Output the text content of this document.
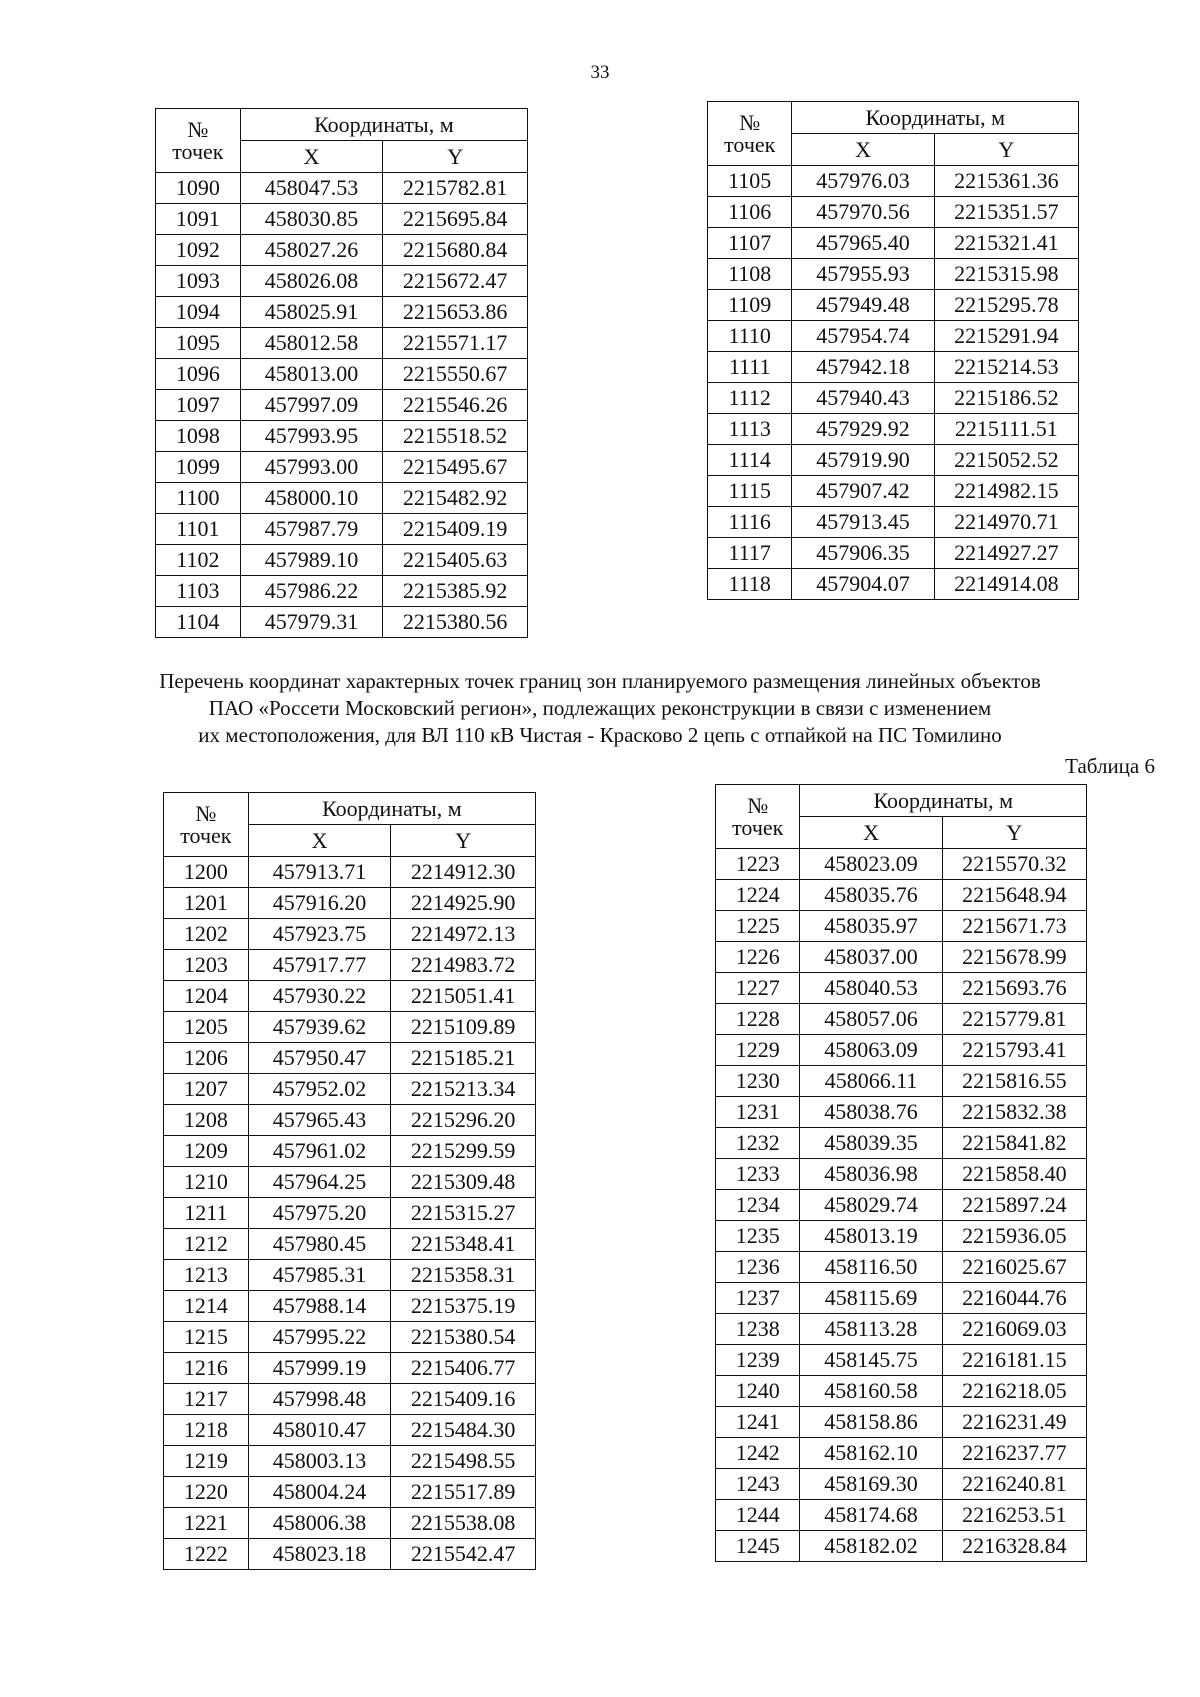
33
№
точек	Координаты, м	
	X	Y
1090	458047.53	2215782.81
1091	458030.85	2215695.84
1092	458027.26	2215680.84
1093	458026.08	2215672.47
1094	458025.91	2215653.86
1095	458012.58	2215571.17
1096	458013.00	2215550.67
1097	457997.09	2215546.26
1098	457993.95	2215518.52
1099	457993.00	2215495.67
1100	458000.10	2215482.92
1101	457987.79	2215409.19
1102	457989.10	2215405.63
1103	457986.22	2215385.92
1104	457979.31	2215380.56
№
точек	Координаты, м	
	X	Y
1105	457976.03	2215361.36
1106	457970.56	2215351.57
1107	457965.40	2215321.41
1108	457955.93	2215315.98
1109	457949.48	2215295.78
1110	457954.74	2215291.94
1111	457942.18	2215214.53
1112	457940.43	2215186.52
1113	457929.92	2215111.51
1114	457919.90	2215052.52
1115	457907.42	2214982.15
1116	457913.45	2214970.71
1117	457906.35	2214927.27
1118	457904.07	2214914.08
Перечень координат характерных точек границ зон планируемого размещения линейных объектов
ПАО «Россети Московский регион», подлежащих реконструкции в связи с изменением
их местоположения, для ВЛ 110 кВ Чистая - Красково 2 цепь с отпайкой на ПС Томилино
Таблица 6
№
точек	Координаты, м	
	X	Y
1200	457913.71	2214912.30
1201	457916.20	2214925.90
1202	457923.75	2214972.13
1203	457917.77	2214983.72
1204	457930.22	2215051.41
1205	457939.62	2215109.89
1206	457950.47	2215185.21
1207	457952.02	2215213.34
1208	457965.43	2215296.20
1209	457961.02	2215299.59
1210	457964.25	2215309.48
1211	457975.20	2215315.27
1212	457980.45	2215348.41
1213	457985.31	2215358.31
1214	457988.14	2215375.19
1215	457995.22	2215380.54
1216	457999.19	2215406.77
1217	457998.48	2215409.16
1218	458010.47	2215484.30
1219	458003.13	2215498.55
1220	458004.24	2215517.89
1221	458006.38	2215538.08
1222	458023.18	2215542.47
№
точек	Координаты, м	
	X	Y
1223	458023.09	2215570.32
1224	458035.76	2215648.94
1225	458035.97	2215671.73
1226	458037.00	2215678.99
1227	458040.53	2215693.76
1228	458057.06	2215779.81
1229	458063.09	2215793.41
1230	458066.11	2215816.55
1231	458038.76	2215832.38
1232	458039.35	2215841.82
1233	458036.98	2215858.40
1234	458029.74	2215897.24
1235	458013.19	2215936.05
1236	458116.50	2216025.67
1237	458115.69	2216044.76
1238	458113.28	2216069.03
1239	458145.75	2216181.15
1240	458160.58	2216218.05
1241	458158.86	2216231.49
1242	458162.10	2216237.77
1243	458169.30	2216240.81
1244	458174.68	2216253.51
1245	458182.02	2216328.84
